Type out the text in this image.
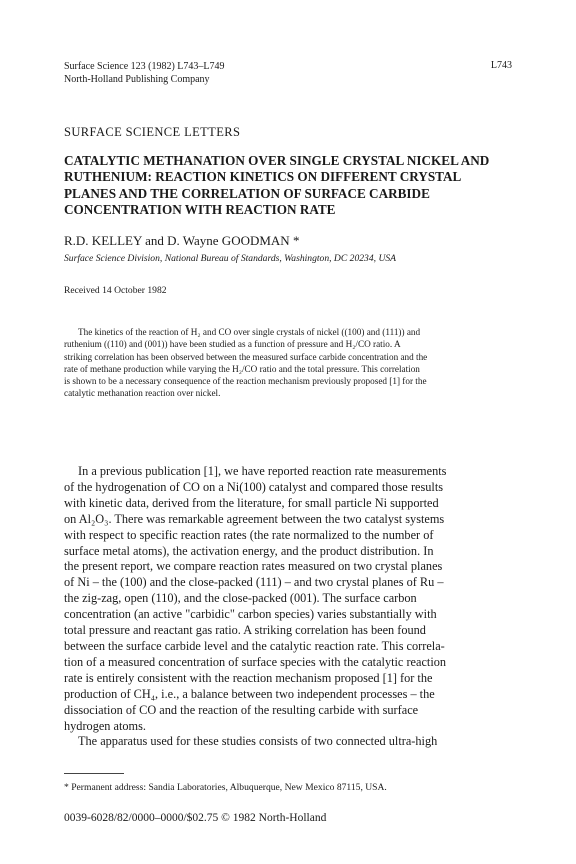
Surface Science 123 (1982) L743–L749
North-Holland Publishing Company
L743
SURFACE SCIENCE LETTERS
CATALYTIC METHANATION OVER SINGLE CRYSTAL NICKEL AND
RUTHENIUM: REACTION KINETICS ON DIFFERENT CRYSTAL
PLANES AND THE CORRELATION OF SURFACE CARBIDE
CONCENTRATION WITH REACTION RATE
R.D. KELLEY and D. Wayne GOODMAN *
Surface Science Division, National Bureau of Standards, Washington, DC 20234, USA
Received 14 October 1982
The kinetics of the reaction of H₂ and CO over single crystals of nickel ((100) and (111)) and
ruthenium ((110) and (001)) have been studied as a function of pressure and H₂/CO ratio. A
striking correlation has been observed between the measured surface carbide concentration and the
rate of methane production while varying the H₂/CO ratio and the total pressure. This correlation
is shown to be a necessary consequence of the reaction mechanism previously proposed [1] for the
catalytic methanation reaction over nickel.
In a previous publication [1], we have reported reaction rate measurements
of the hydrogenation of CO on a Ni(100) catalyst and compared those results
with kinetic data, derived from the literature, for small particle Ni supported
on Al₂O₃. There was remarkable agreement between the two catalyst systems
with respect to specific reaction rates (the rate normalized to the number of
surface metal atoms), the activation energy, and the product distribution. In
the present report, we compare reaction rates measured on two crystal planes
of Ni – the (100) and the close-packed (111) – and two crystal planes of Ru –
the zig-zag, open (110), and the close-packed (001). The surface carbon
concentration (an active "carbidic" carbon species) varies substantially with
total pressure and reactant gas ratio. A striking correlation has been found
between the surface carbide level and the catalytic reaction rate. This correla-
tion of a measured concentration of surface species with the catalytic reaction
rate is entirely consistent with the reaction mechanism proposed [1] for the
production of CH₄, i.e., a balance between two independent processes – the
dissociation of CO and the reaction of the resulting carbide with surface
hydrogen atoms.
The apparatus used for these studies consists of two connected ultra-high
* Permanent address: Sandia Laboratories, Albuquerque, New Mexico 87115, USA.
0039-6028/82/0000–0000/$02.75 © 1982 North-Holland
